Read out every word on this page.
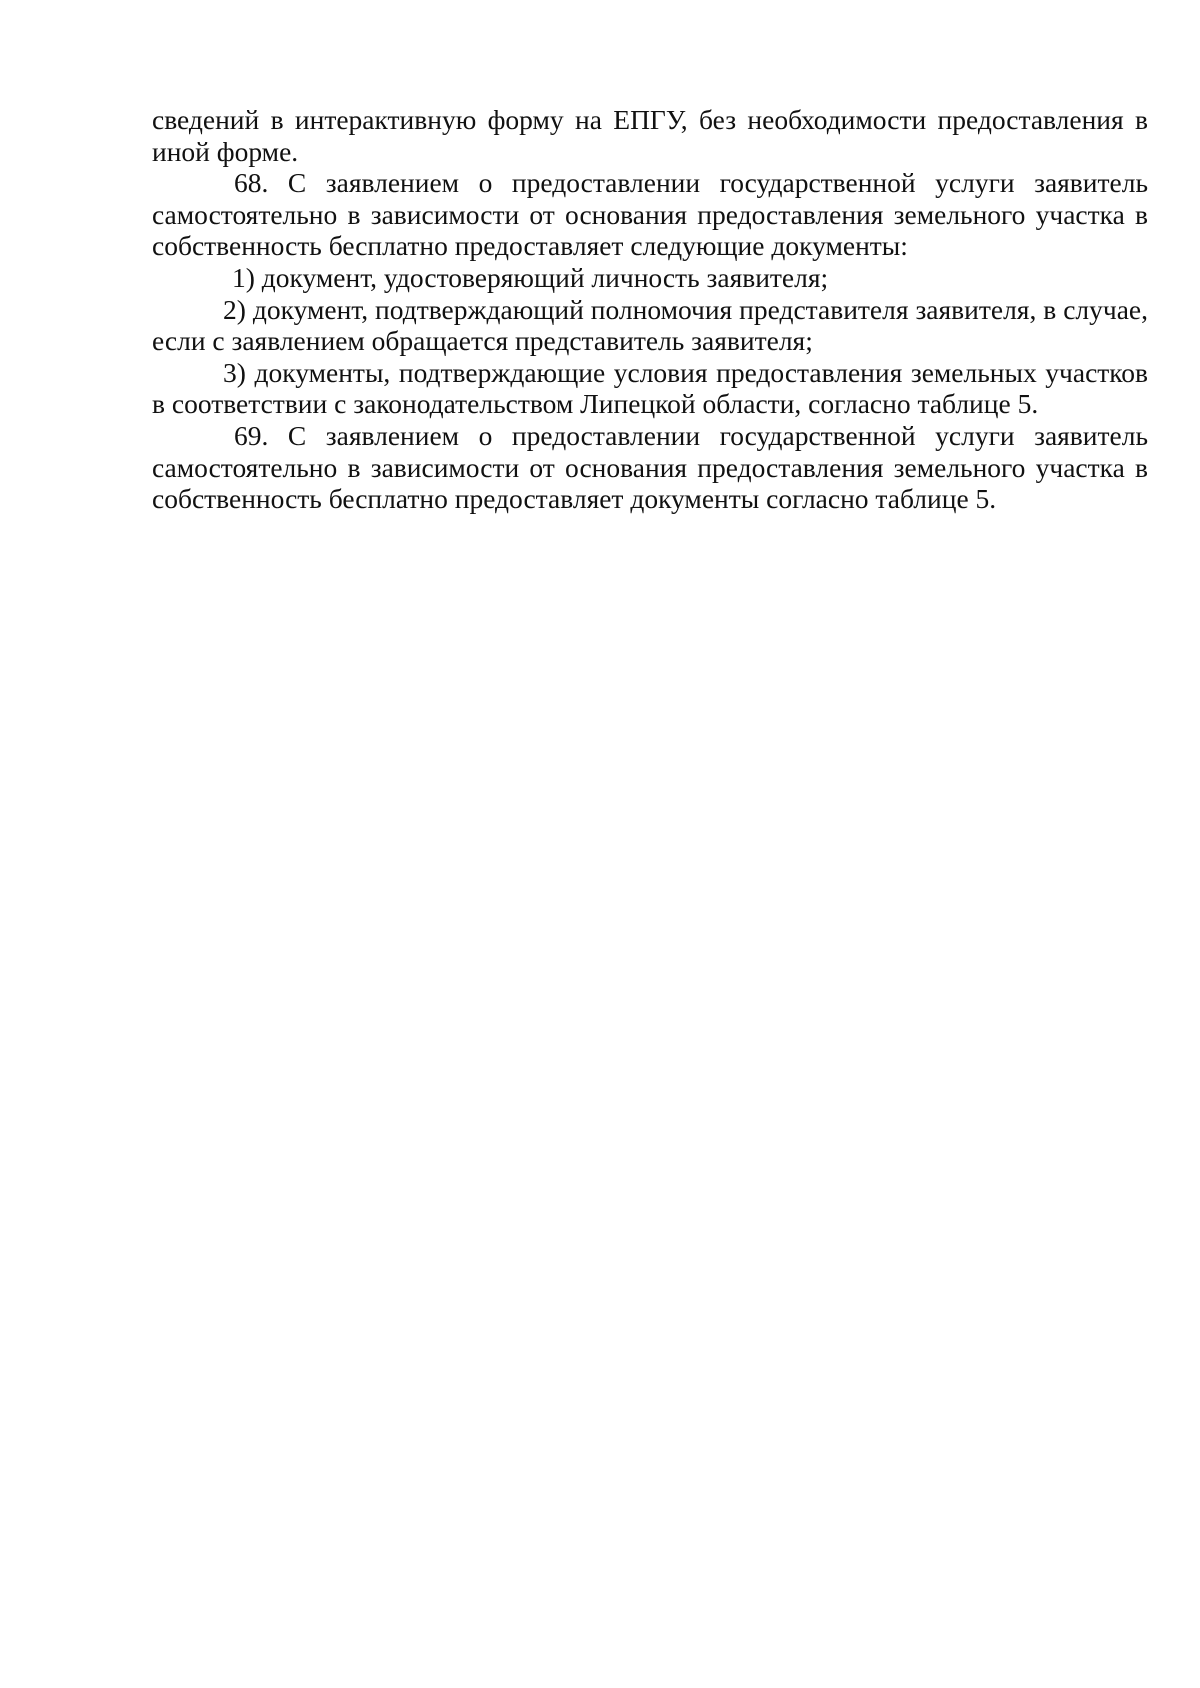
сведений в интерактивную форму на ЕПГУ, без необходимости предоставления в иной форме.

68. С заявлением о предоставлении государственной услуги заявитель самостоятельно в зависимости от основания предоставления земельного участка в собственность бесплатно предоставляет следующие документы:

1) документ, удостоверяющий личность заявителя;

2) документ, подтверждающий полномочия представителя заявителя, в случае, если с заявлением обращается представитель заявителя;

3) документы, подтверждающие условия предоставления земельных участков в соответствии с законодательством Липецкой области, согласно таблице 5.

69. С заявлением о предоставлении государственной услуги заявитель самостоятельно в зависимости от основания предоставления земельного участка в собственность бесплатно предоставляет документы согласно таблице 5.
